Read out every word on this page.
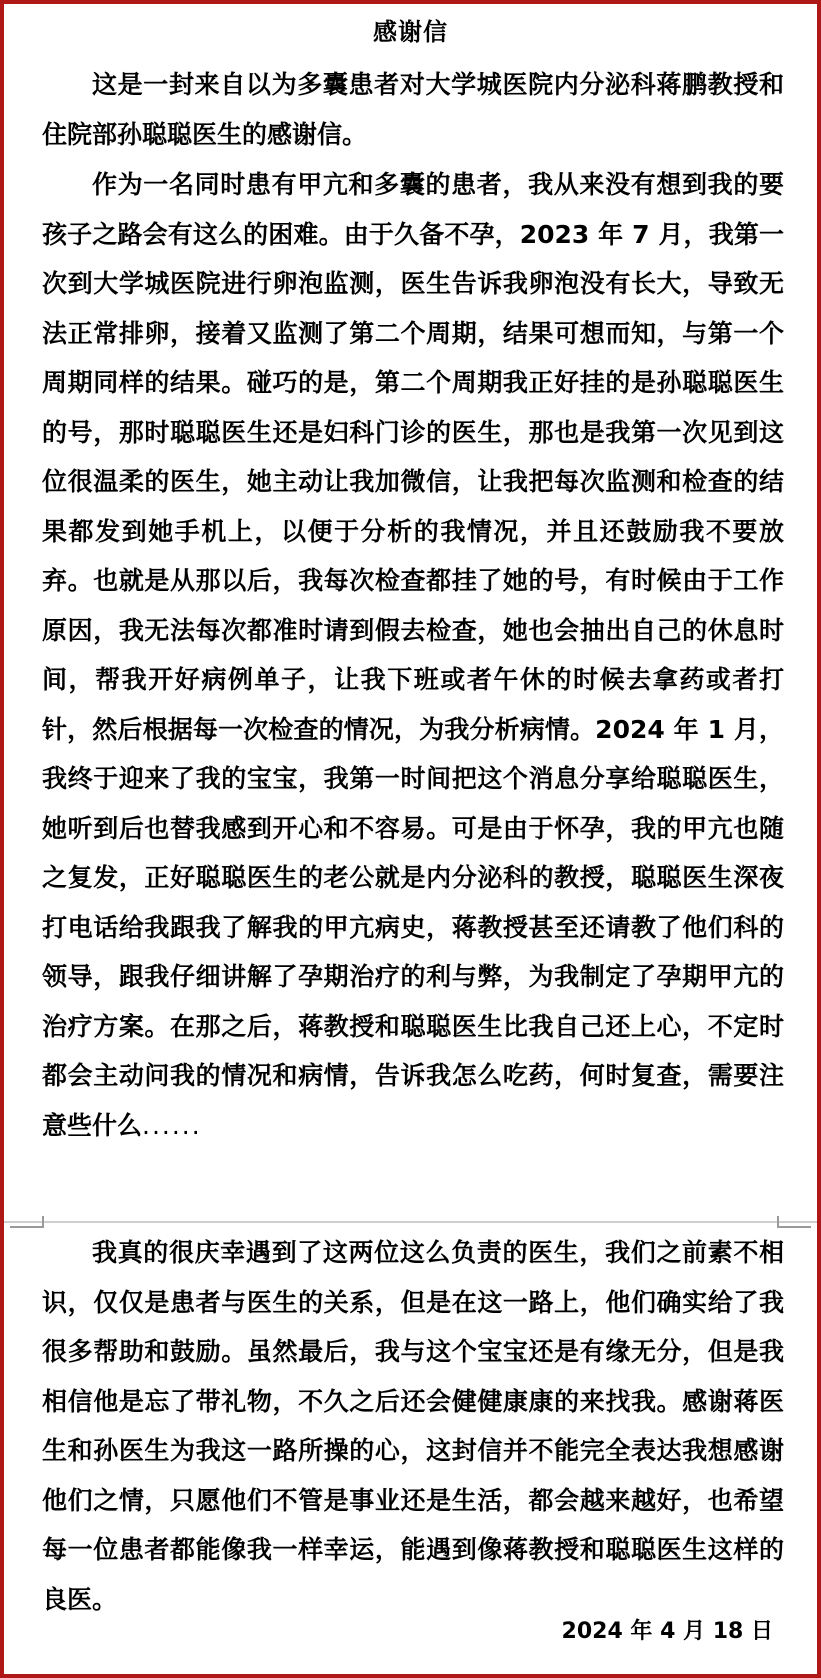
感谢信
这是一封来自以为多囊患者对大学城医院内分泌科蒋鹏教授和住院部孙聪聪医生的感谢信。
作为一名同时患有甲亢和多囊的患者，我从来没有想到我的要孩子之路会有这么的困难。由于久备不孕，2023 年 7 月，我第一次到大学城医院进行卵泡监测，医生告诉我卵泡没有长大，导致无法正常排卵，接着又监测了第二个周期，结果可想而知，与第一个周期同样的结果。碰巧的是，第二个周期我正好挂的是孙聪聪医生的号，那时聪聪医生还是妇科门诊的医生，那也是我第一次见到这位很温柔的医生，她主动让我加微信，让我把每次监测和检查的结果都发到她手机上，以便于分析的我情况，并且还鼓励我不要放弃。也就是从那以后，我每次检查都挂了她的号，有时候由于工作原因，我无法每次都准时请到假去检查，她也会抽出自己的休息时间，帮我开好病例单子，让我下班或者午休的时候去拿药或者打针，然后根据每一次检查的情况，为我分析病情。2024 年 1 月，我终于迎来了我的宝宝，我第一时间把这个消息分享给聪聪医生，她听到后也替我感到开心和不容易。可是由于怀孕，我的甲亢也随之复发，正好聪聪医生的老公就是内分泌科的教授，聪聪医生深夜打电话给我跟我了解我的甲亢病史，蒋教授甚至还请教了他们科的领导，跟我仔细讲解了孕期治疗的利与弊，为我制定了孕期甲亢的治疗方案。在那之后，蒋教授和聪聪医生比我自己还上心，不定时都会主动问我的情况和病情，告诉我怎么吃药，何时复查，需要注意些什么......
我真的很庆幸遇到了这两位这么负责的医生，我们之前素不相识，仅仅是患者与医生的关系，但是在这一路上，他们确实给了我很多帮助和鼓励。虽然最后，我与这个宝宝还是有缘无分，但是我相信他是忘了带礼物，不久之后还会健健康康的来找我。感谢蒋医生和孙医生为我这一路所操的心，这封信并不能完全表达我想感谢他们之情，只愿他们不管是事业还是生活，都会越来越好，也希望每一位患者都能像我一样幸运，能遇到像蒋教授和聪聪医生这样的良医。
2024 年 4 月 18 日
